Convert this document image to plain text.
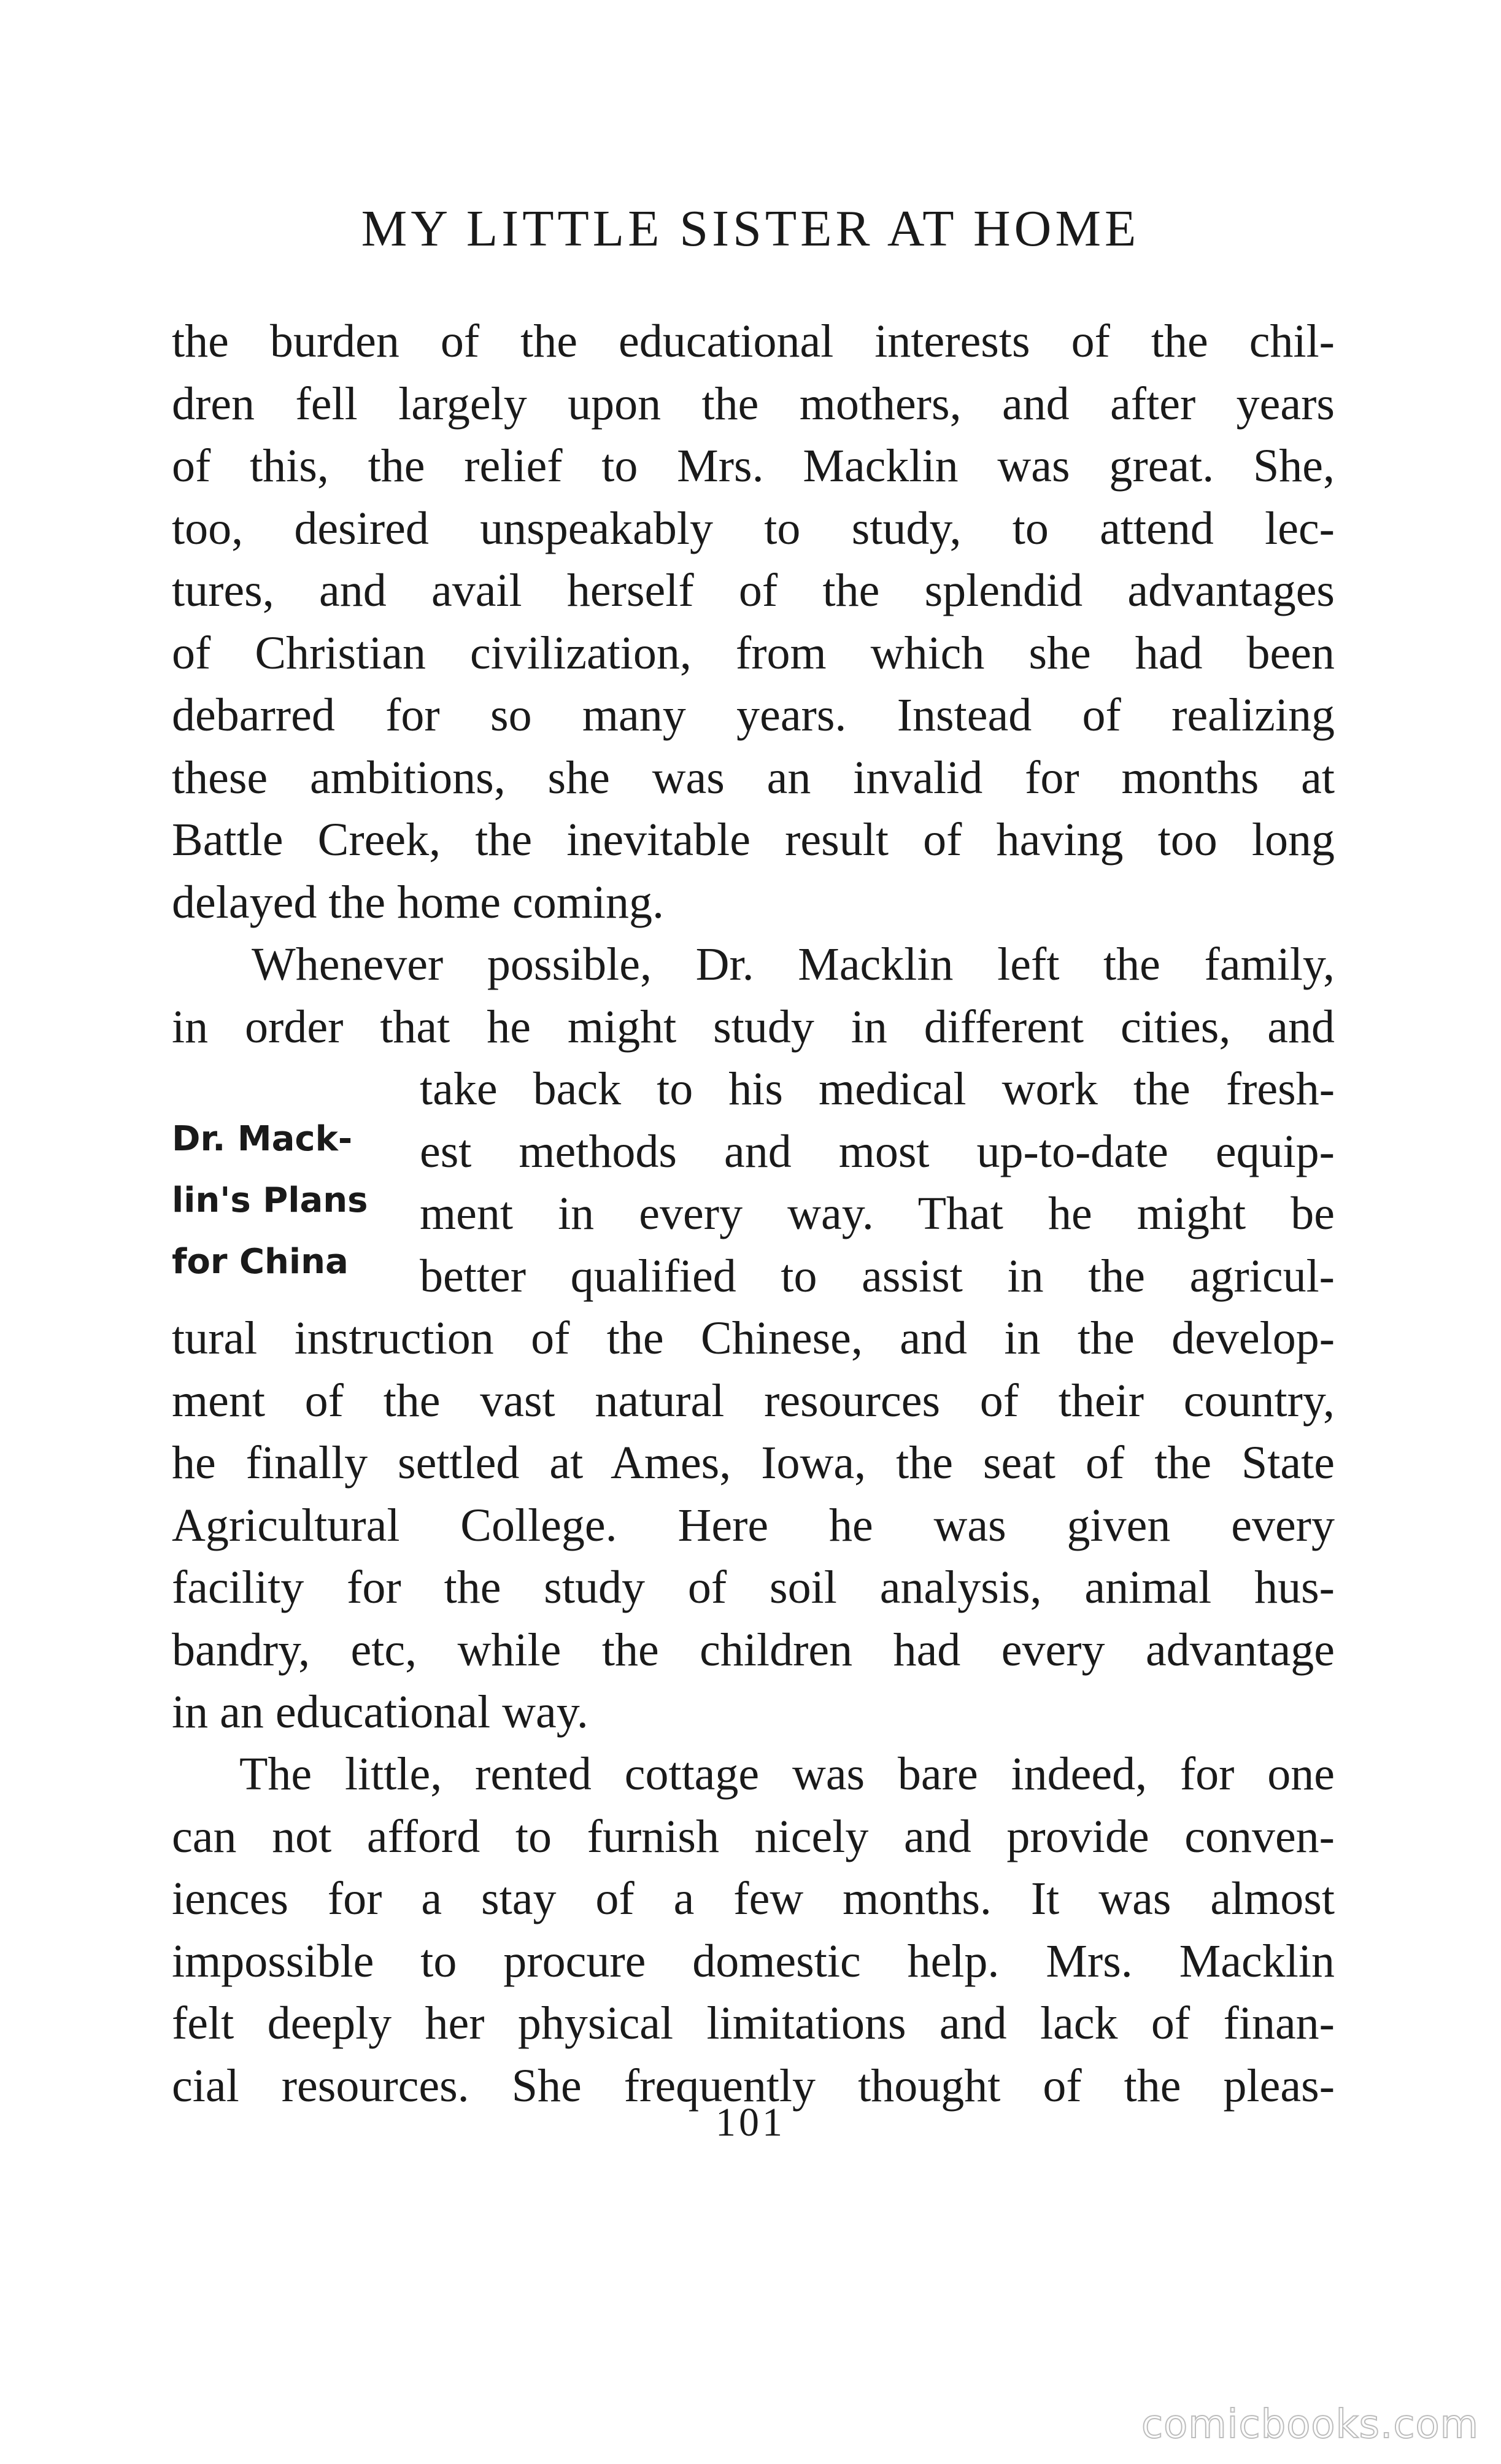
MY LITTLE SISTER AT HOME
the burden of the educational interests of the chil-
dren fell largely upon the mothers, and after years
of this, the relief to Mrs. Macklin was great. She,
too, desired unspeakably to study, to attend lec-
tures, and avail herself of the splendid advantages
of Christian civilization, from which she had been
debarred for so many years. Instead of realizing
these ambitions, she was an invalid for months at
Battle Creek, the inevitable result of having too long
delayed the home coming.
Whenever possible, Dr. Macklin left the family,
in order that he might study in different cities, and
take back to his medical work the fresh-
est methods and most up-to-date equip-
ment in every way. That he might be
better qualified to assist in the agricul-
tural instruction of the Chinese, and in the develop-
ment of the vast natural resources of their country,
he finally settled at Ames, Iowa, the seat of the State
Agricultural College. Here he was given every
facility for the study of soil analysis, animal hus-
bandry, etc, while the children had every advantage
in an educational way.
Dr. Mack-
lin's Plans
for China
The little, rented cottage was bare indeed, for one
can not afford to furnish nicely and provide conven-
iences for a stay of a few months. It was almost
impossible to procure domestic help. Mrs. Macklin
felt deeply her physical limitations and lack of finan-
cial resources. She frequently thought of the pleas-
101
comicbooks.com
